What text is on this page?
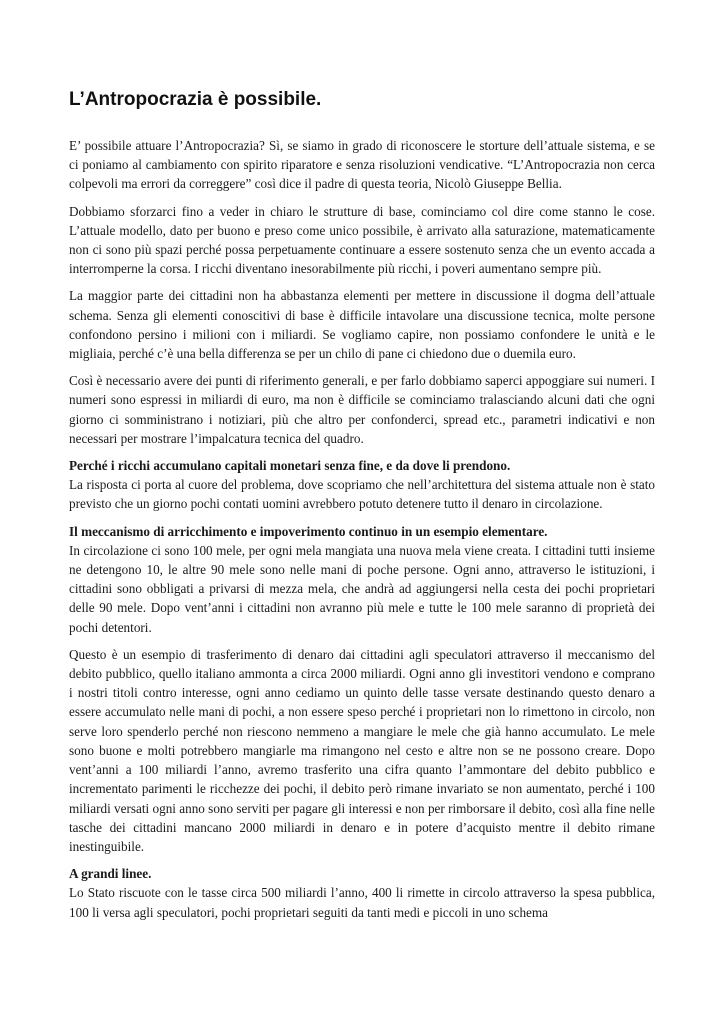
L’Antropocrazia è possibile.

E’ possibile attuare l’Antropocrazia? Sì, se siamo in grado di riconoscere le storture dell’attuale sistema, e se ci poniamo al cambiamento con spirito riparatore e senza risoluzioni vendicative. “L’Antropocrazia non cerca colpevoli ma errori da correggere” così dice il padre di questa teoria, Nicolò Giuseppe Bellia.

Dobbiamo sforzarci fino a veder in chiaro le strutture di base, cominciamo col dire come stanno le cose. L’attuale modello, dato per buono e preso come unico possibile, è arrivato alla saturazione, matematicamente non ci sono più spazi perché possa perpetuamente continuare a essere sostenuto senza che un evento accada a interromperne la corsa. I ricchi diventano inesorabilmente più ricchi, i poveri aumentano sempre più.

La maggior parte dei cittadini non ha abbastanza elementi per mettere in discussione il dogma dell’attuale schema. Senza gli elementi conoscitivi di base è difficile intavolare una discussione tecnica, molte persone confondono persino i milioni con i miliardi. Se vogliamo capire, non possiamo confondere le unità e le migliaia, perché c’è una bella differenza se per un chilo di pane ci chiedono due o duemila euro.

Così è necessario avere dei punti di riferimento generali, e per farlo dobbiamo saperci appoggiare sui numeri. I numeri sono espressi in miliardi di euro, ma non è difficile se cominciamo tralasciando alcuni dati che ogni giorno ci somministrano i notiziari, più che altro per confonderci, spread etc., parametri indicativi e non necessari per mostrare l’impalcatura tecnica del quadro.

Perché i ricchi accumulano capitali monetari senza fine, e da dove li prendono.

La risposta ci porta al cuore del problema, dove scopriamo che nell’architettura del sistema attuale non è stato previsto che un giorno pochi contati uomini avrebbero potuto detenere tutto il denaro in circolazione.

Il meccanismo di arricchimento e impoverimento continuo in un esempio elementare.

In circolazione ci sono 100 mele, per ogni mela mangiata una nuova mela viene creata. I cittadini tutti insieme ne detengono 10, le altre 90 mele sono nelle mani di poche persone. Ogni anno, attraverso le istituzioni, i cittadini sono obbligati a privarsi di mezza mela, che andrà ad aggiungersi nella cesta dei pochi proprietari delle 90 mele. Dopo vent’anni i cittadini non avranno più mele e tutte le 100 mele saranno di proprietà dei pochi detentori.

Questo è un esempio di trasferimento di denaro dai cittadini agli speculatori attraverso il meccanismo del debito pubblico, quello italiano ammonta a circa 2000 miliardi. Ogni anno gli investitori vendono e comprano i nostri titoli contro interesse, ogni anno cediamo un quinto delle tasse versate destinando questo denaro a essere accumulato nelle mani di pochi, a non essere speso perché i proprietari non lo rimettono in circolo, non serve loro spenderlo perché non riescono nemmeno a mangiare le mele che già hanno accumulato. Le mele sono buone e molti potrebbero mangiarle ma rimangono nel cesto e altre non se ne possono creare. Dopo vent’anni a 100 miliardi l’anno, avremo trasferito una cifra quanto l’ammontare del debito pubblico e incrementato parimenti le ricchezze dei pochi, il debito però rimane invariato se non aumentato, perché i 100 miliardi versati ogni anno sono serviti per pagare gli interessi e non per rimborsare il debito, così alla fine nelle tasche dei cittadini mancano 2000 miliardi in denaro e in potere d’acquisto mentre il debito rimane inestinguibile.

A grandi linee.

Lo Stato riscuote con le tasse circa 500 miliardi l’anno, 400 li rimette in circolo attraverso la spesa pubblica, 100 li versa agli speculatori, pochi proprietari seguiti da tanti medi e piccoli in uno schema
